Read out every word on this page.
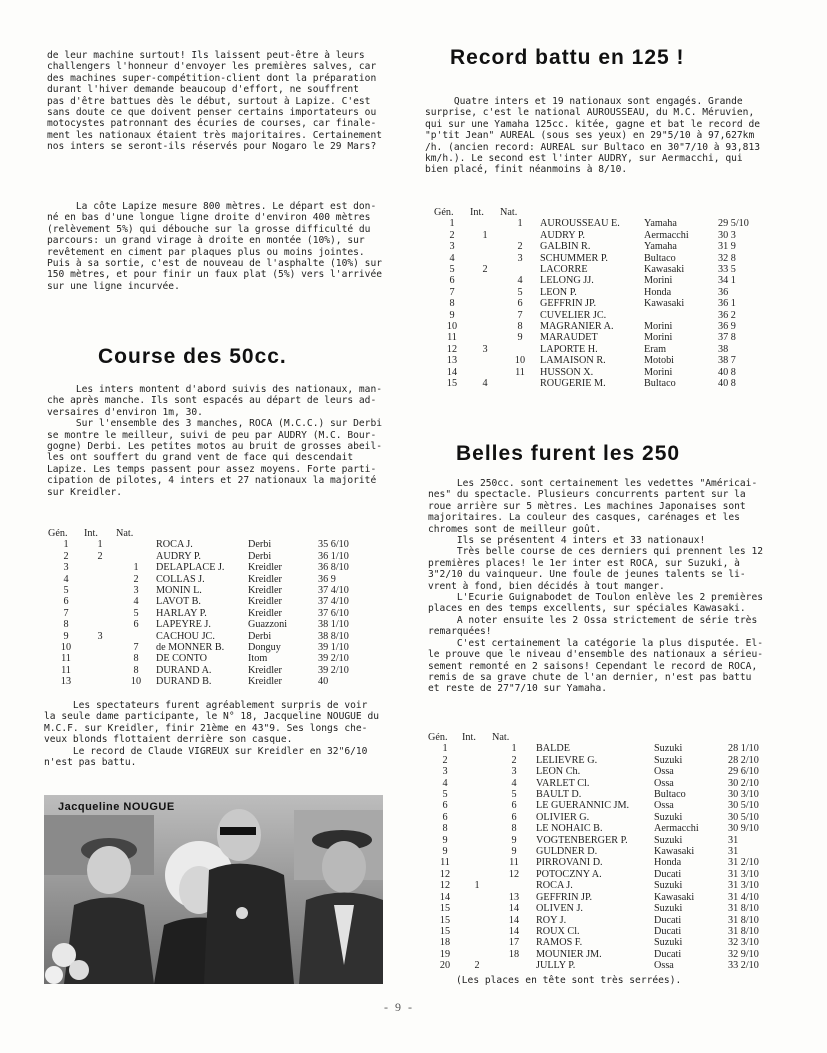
de leur machine surtout! Ils laissent peut-être à leurs
challengers l'honneur d'envoyer les premières salves, car
des machines super-compétition-client dont la préparation
durant l'hiver demande beaucoup d'effort, ne souffrent
pas d'être battues dès le début, surtout à Lapize. C'est
sans doute ce que doivent penser certains importateurs ou
motocystes patronnant des écuries de courses, car finale-
ment les nationaux étaient très majoritaires. Certainement
nos inters se seront-ils réservés pour Nogaro le 29 Mars?
La côte Lapize mesure 800 mètres. Le départ est don-
né en bas d'une longue ligne droite d'environ 400 mètres
(relèvement 5%) qui débouche sur la grosse difficulté du
parcours: un grand virage à droite en montée (10%), sur
revêtement en ciment par plaques plus ou moins jointes.
Puis à sa sortie, c'est de nouveau de l'asphalte (10%) sur
150 mètres, et pour finir un faux plat (5%) vers l'arrivée
sur une ligne incurvée.
Course des 50cc.
Les inters montent d'abord suivis des nationaux, man-
che après manche. Ils sont espacés au départ de leurs ad-
versaires d'environ 1m, 30.
Sur l'ensemble des 3 manches, ROCA (M.C.C.) sur Derbi
se montre le meilleur, suivi de peu par AUDRY (M.C. Bour-
gogne) Derbi. Les petites motos au bruit de grosses abeil-
les ont souffert du grand vent de face qui descendait
Lapize. Les temps passent pour assez moyens. Forte parti-
cipation de pilotes, 4 inters et 27 nationaux la majorité
sur Kreidler.
Gén.	Int.	Nat.			
1	1		ROCA J.	Derbi	35 6/10
2	2		AUDRY P.	Derbi	36 1/10
3		1	DELAPLACE J.	Kreidler	36 8/10
4		2	COLLAS J.	Kreidler	36 9
5		3	MONIN L.	Kreidler	37 4/10
6		4	LAVOT B.	Kreidler	37 4/10
7		5	HARLAY P.	Kreidler	37 6/10
8		6	LAPEYRE J.	Guazzoni	38 1/10
9	3		CACHOU JC.	Derbi	38 8/10
10		7	de MONNER B.	Donguy	39 1/10
11		8	DE CONTO	Itom	39 2/10
11		8	DURAND A.	Kreidler	39 2/10
13		10	DURAND B.	Kreidler	40
Les spectateurs furent agréablement surpris de voir
la seule dame participante, le N° 18, Jacqueline NOUGUE du
M.C.F. sur Kreidler, finir 21ème en 43"9. Ses longs che-
veux blonds flottaient derrière son casque.
Le record de Claude VIGREUX sur Kreidler en 32"6/10
n'est pas battu.
Jacqueline NOUGUE
Record battu en 125 !
Quatre inters et 19 nationaux sont engagés. Grande
surprise, c'est le national AUROUSSEAU, du M.C. Méruvien,
qui sur une Yamaha 125cc. kitée, gagne et bat le record de
"p'tit Jean" AUREAL (sous ses yeux) en 29"5/10 à 97,627km
/h. (ancien record: AUREAL sur Bultaco en 30"7/10 à 93,813
km/h.). Le second est l'inter AUDRY, sur Aermacchi, qui
bien placé, finit néanmoins à 8/10.
Gén.	Int.	Nat.			
1		1	AUROUSSEAU E.	Yamaha	29 5/10
2	1		AUDRY P.	Aermacchi	30 3
3		2	GALBIN R.	Yamaha	31 9
4		3	SCHUMMER P.	Bultaco	32 8
5	2		LACORRE	Kawasaki	33 5
6		4	LELONG JJ.	Morini	34 1
7		5	LEON P.	Honda	36
8		6	GEFFRIN JP.	Kawasaki	36 1
9		7	CUVELIER JC.		36 2
10		8	MAGRANIER A.	Morini	36 9
11		9	MARAUDET	Morini	37 8
12	3		LAPORTE H.	Eram	38
13		10	LAMAISON R.	Motobi	38 7
14		11	HUSSON X.	Morini	40 8
15	4		ROUGERIE M.	Bultaco	40 8
Belles furent les 250
Les 250cc. sont certainement les vedettes "Américai-
nes" du spectacle. Plusieurs concurrents partent sur la
roue arrière sur 5 mètres. Les machines Japonaises sont
majoritaires. La couleur des casques, carénages et les
chromes sont de meilleur goût.
Ils se présentent 4 inters et 33 nationaux!
Très belle course de ces derniers qui prennent les 12
premières places! le 1er inter est ROCA, sur Suzuki, à
3"2/10 du vainqueur. Une foule de jeunes talents se li-
vrent à fond, bien décidés à tout manger.
L'Ecurie Guignabodet de Toulon enlève les 2 premières
places en des temps excellents, sur spéciales Kawasaki.
A noter ensuite les 2 Ossa strictement de série très
remarquées!
C'est certainement la catégorie la plus disputée. El-
le prouve que le niveau d'ensemble des nationaux a sérieu-
sement remonté en 2 saisons! Cependant le record de ROCA,
remis de sa grave chute de l'an dernier, n'est pas battu
et reste de 27"7/10 sur Yamaha.
Gén.	Int.	Nat.			
1		1	BALDE	Suzuki	28 1/10
2		2	LELIEVRE G.	Suzuki	28 2/10
3		3	LEON Ch.	Ossa	29 6/10
4		4	VARLET Cl.	Ossa	30 2/10
5		5	BAULT D.	Bultaco	30 3/10
6		6	LE GUERANNIC JM.	Ossa	30 5/10
6		6	OLIVIER G.	Suzuki	30 5/10
8		8	LE NOHAIC B.	Aermacchi	30 9/10
9		9	VOGTENBERGER P.	Suzuki	31
9		9	GULDNER D.	Kawasaki	31
11		11	PIRROVANI D.	Honda	31 2/10
12		12	POTOCZNY A.	Ducati	31 3/10
12	1		ROCA J.	Suzuki	31 3/10
14		13	GEFFRIN JP.	Kawasaki	31 4/10
15		14	OLIVEN J.	Suzuki	31 8/10
15		14	ROY J.	Ducati	31 8/10
15		14	ROUX Cl.	Ducati	31 8/10
18		17	RAMOS F.	Suzuki	32 3/10
19		18	MOUNIER JM.	Ducati	32 9/10
20	2		JULLY P.	Ossa	33 2/10
(Les places en tête sont très serrées).
- 9 -
